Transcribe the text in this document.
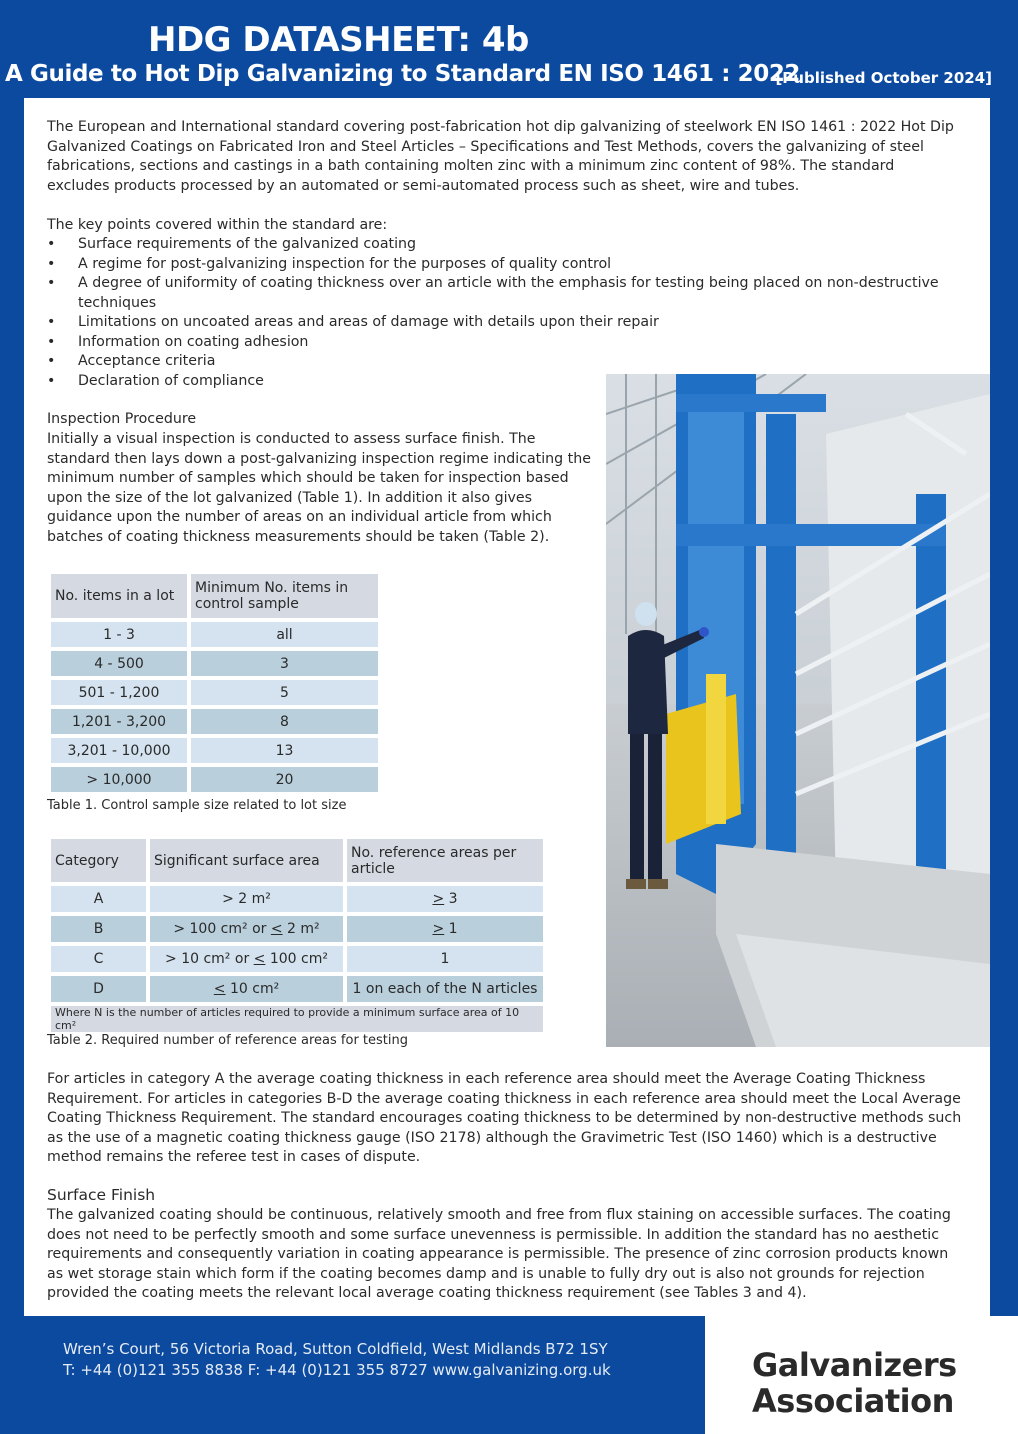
HDG DATASHEET: 4b
A Guide to Hot Dip Galvanizing to Standard EN ISO 1461 : 2022
[Published October 2024]

The European and International standard covering post-fabrication hot dip galvanizing of steelwork EN ISO 1461 : 2022 Hot Dip Galvanized Coatings on Fabricated Iron and Steel Articles – Specifications and Test Methods, covers the galvanizing of steel fabrications, sections and castings in a bath containing molten zinc with a minimum zinc content of 98%. The standard excludes products processed by an automated or semi-automated process such as sheet, wire and tubes.

The key points covered within the standard are:

• Surface requirements of the galvanized coating
• A regime for post-galvanizing inspection for the purposes of quality control
• A degree of uniformity of coating thickness over an article with the emphasis for testing being placed on non-destructive techniques
• Limitations on uncoated areas and areas of damage with details upon their repair
• Information on coating adhesion
• Acceptance criteria
• Declaration of compliance

Inspection Procedure

Initially a visual inspection is conducted to assess surface finish. The standard then lays down a post-galvanizing inspection regime indicating the minimum number of samples which should be taken for inspection based upon the size of the lot galvanized (Table 1). In addition it also gives guidance upon the number of areas on an individual article from which batches of coating thickness measurements should be taken (Table 2).

No. items in a lot	Minimum No. items in control sample
1 - 3	all
4 - 500	3
501 - 1,200	5
1,201 - 3,200	8
3,201 - 10,000	13
> 10,000	20

Table 1. Control sample size related to lot size

Category	Significant surface area	No. reference areas per article
A	> 2 m²	> 3
B	> 100 cm² or < 2 m²	> 1
C	> 10 cm² or < 100 cm²	1
D	< 10 cm²	1 on each of the N articles
Where N is the number of articles required to provide a minimum surface area of 10 cm²		

Table 2. Required number of reference areas for testing

For articles in category A the average coating thickness in each reference area should meet the Average Coating Thickness Requirement. For articles in categories B-D the average coating thickness in each reference area should meet the Local Average Coating Thickness Requirement. The standard encourages coating thickness to be determined by non-destructive methods such as the use of a magnetic coating thickness gauge (ISO 2178) although the Gravimetric Test (ISO 1460) which is a destructive method remains the referee test in cases of dispute.

Surface Finish

The galvanized coating should be continuous, relatively smooth and free from flux staining on accessible surfaces. The coating does not need to be perfectly smooth and some surface unevenness is permissible. In addition the standard has no aesthetic requirements and consequently variation in coating appearance is permissible. The presence of zinc corrosion products known as wet storage stain which form if the coating becomes damp and is unable to fully dry out is also not grounds for rejection provided the coating meets the relevant local average coating thickness requirement (see Tables 3 and 4).

Wren’s Court, 56 Victoria Road, Sutton Coldfield, West Midlands B72 1SY
T: +44 (0)121 355 8838 F: +44 (0)121 355 8727 www.galvanizing.org.uk	Galvanizers
Association
